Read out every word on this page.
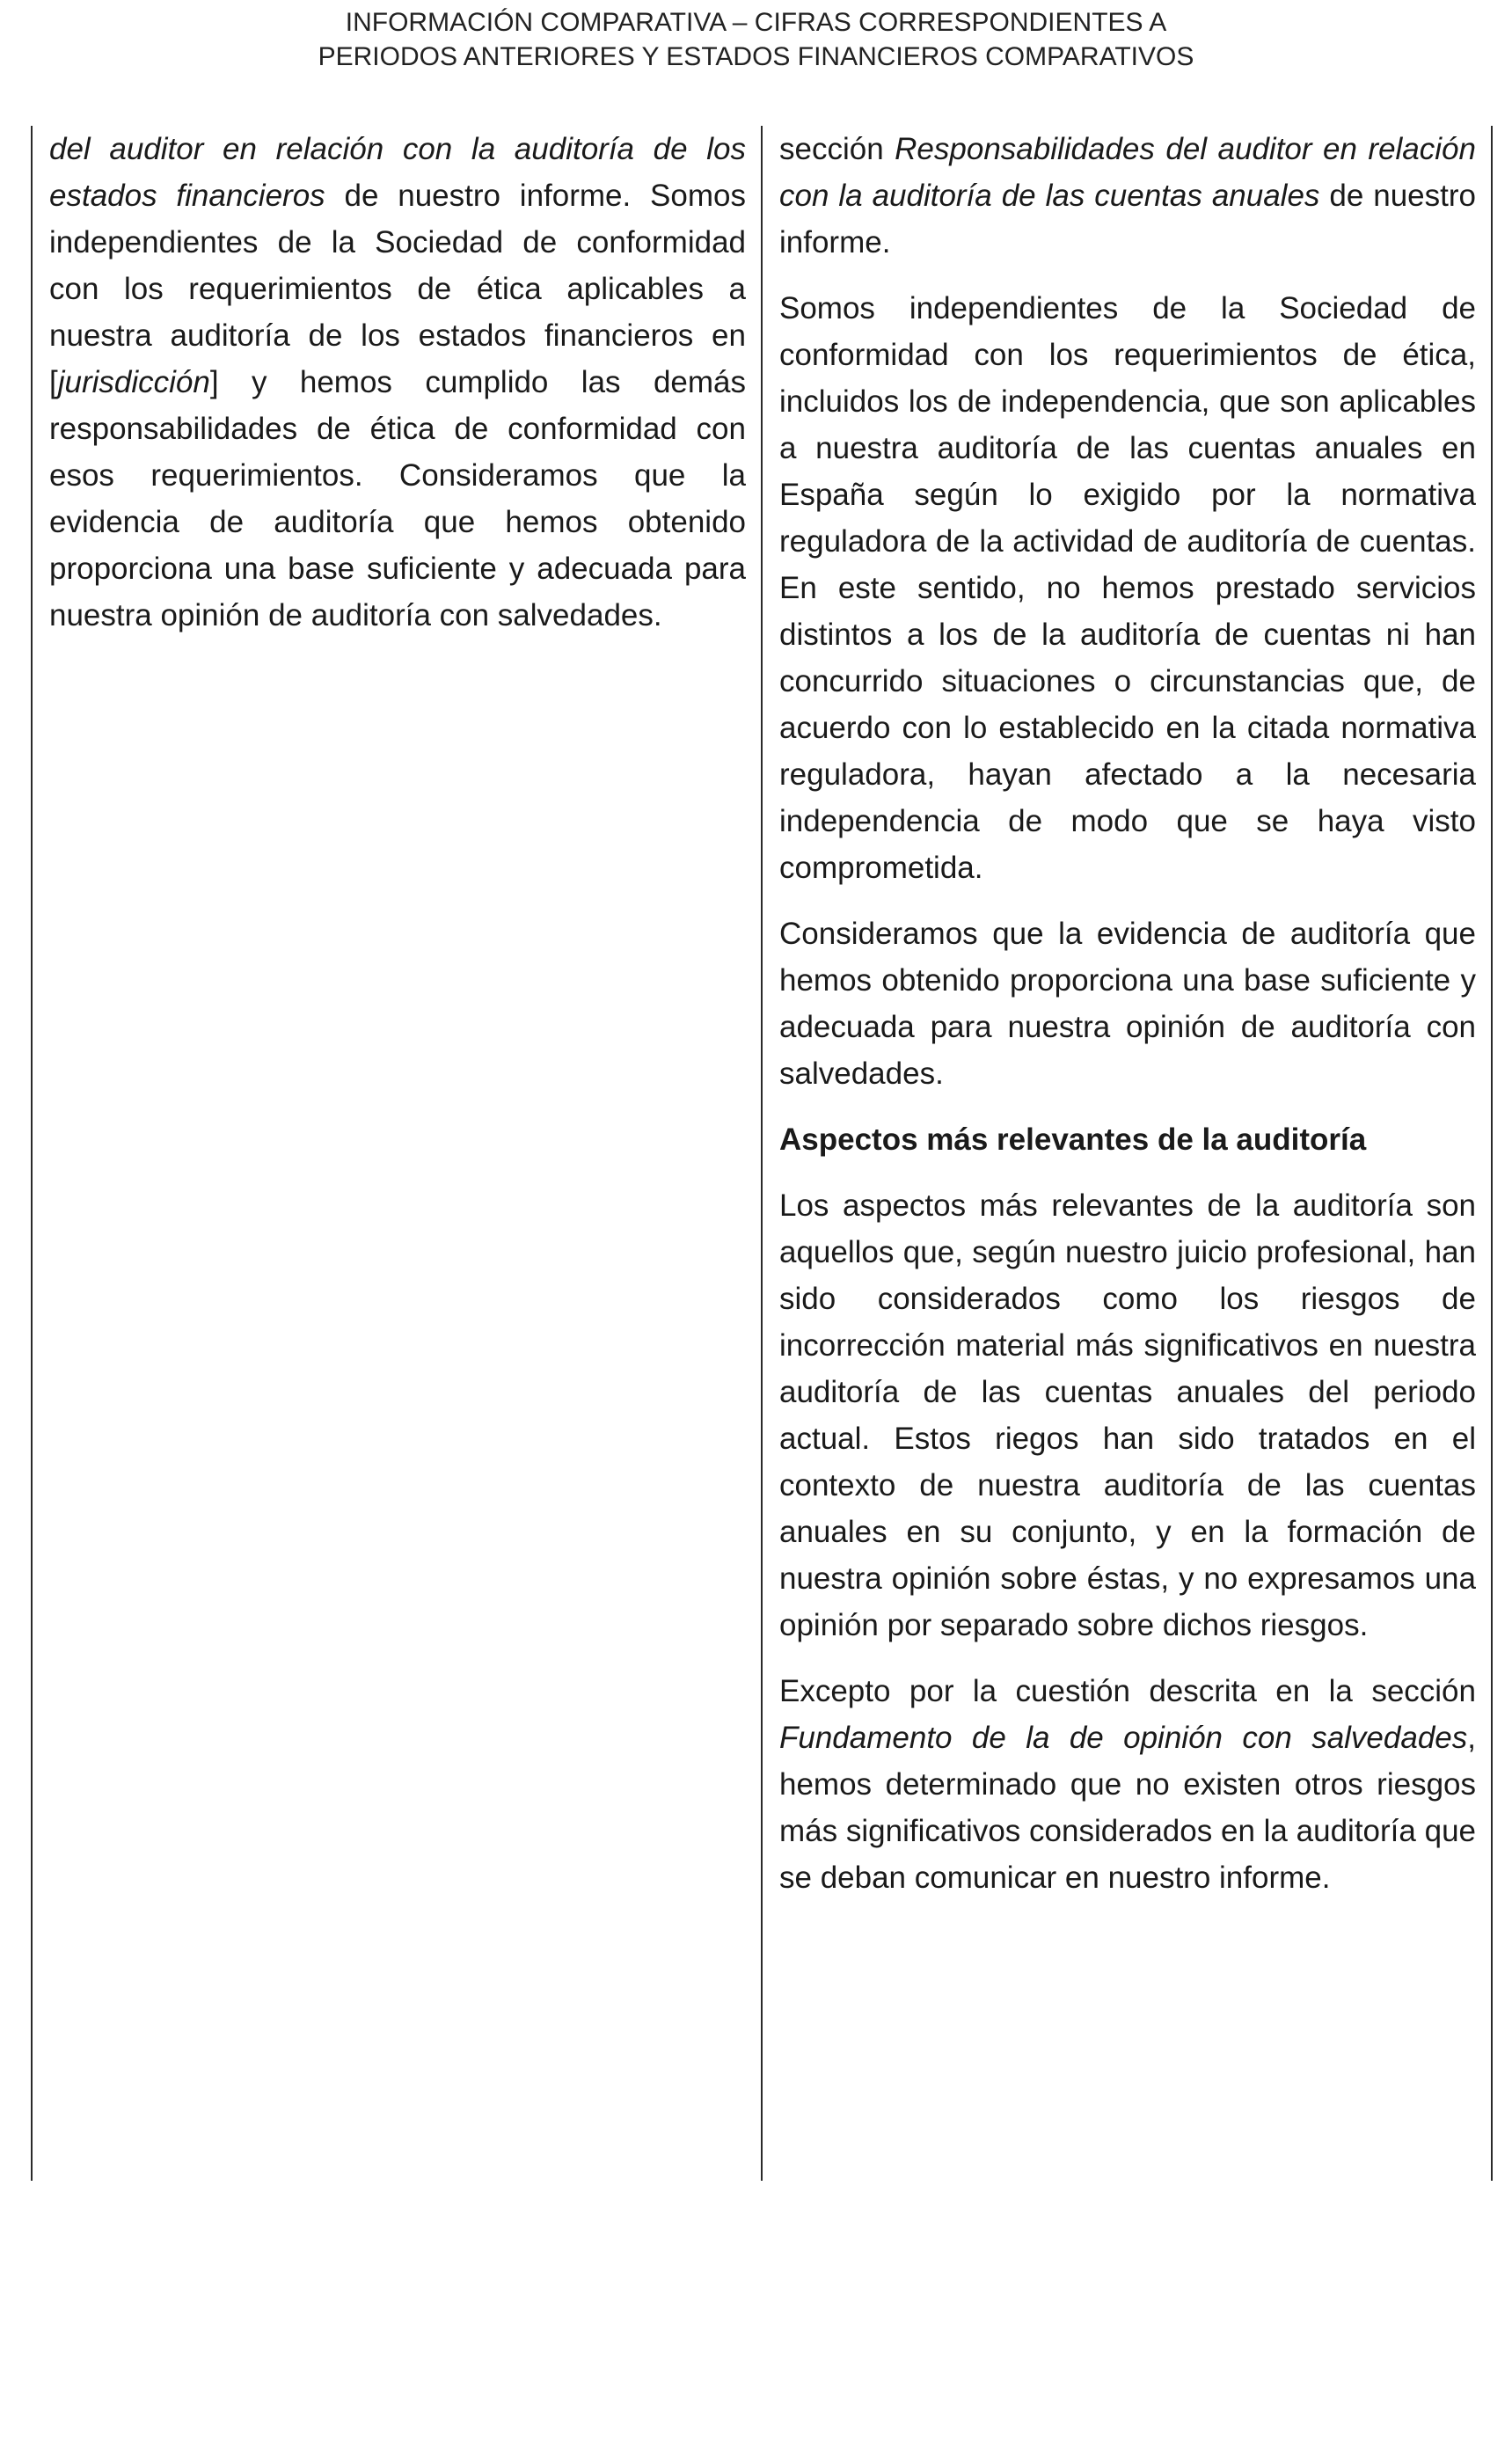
INFORMACIÓN COMPARATIVA – CIFRAS CORRESPONDIENTES A
PERIODOS ANTERIORES Y ESTADOS FINANCIEROS COMPARATIVOS

del auditor en relación con la auditoría de los estados financieros de nuestro informe. Somos independientes de la Sociedad de conformidad con los requerimientos de ética aplicables a nuestra auditoría de los estados financieros en [jurisdicción] y hemos cumplido las demás responsabilidades de ética de conformidad con esos requerimientos. Consideramos que la evidencia de auditoría que hemos obtenido proporciona una base suficiente y adecuada para nuestra opinión de auditoría con salvedades.

sección Responsabilidades del auditor en relación con la auditoría de las cuentas anuales de nuestro informe.

Somos independientes de la Sociedad de conformidad con los requerimientos de ética, incluidos los de independencia, que son aplicables a nuestra auditoría de las cuentas anuales en España según lo exigido por la normativa reguladora de la actividad de auditoría de cuentas. En este sentido, no hemos prestado servicios distintos a los de la auditoría de cuentas ni han concurrido situaciones o circunstancias que, de acuerdo con lo establecido en la citada normativa reguladora, hayan afectado a la necesaria independencia de modo que se haya visto comprometida.

Consideramos que la evidencia de auditoría que hemos obtenido proporciona una base suficiente y adecuada para nuestra opinión de auditoría con salvedades.

Aspectos más relevantes de la auditoría

Los aspectos más relevantes de la auditoría son aquellos que, según nuestro juicio profesional, han sido considerados como los riesgos de incorrección material más significativos en nuestra auditoría de las cuentas anuales del periodo actual. Estos riegos han sido tratados en el contexto de nuestra auditoría de las cuentas anuales en su conjunto, y en la formación de nuestra opinión sobre éstas, y no expresamos una opinión por separado sobre dichos riesgos.

Excepto por la cuestión descrita en la sección Fundamento de la de opinión con salvedades, hemos determinado que no existen otros riesgos más significativos considerados en la auditoría que se deban comunicar en nuestro informe.
